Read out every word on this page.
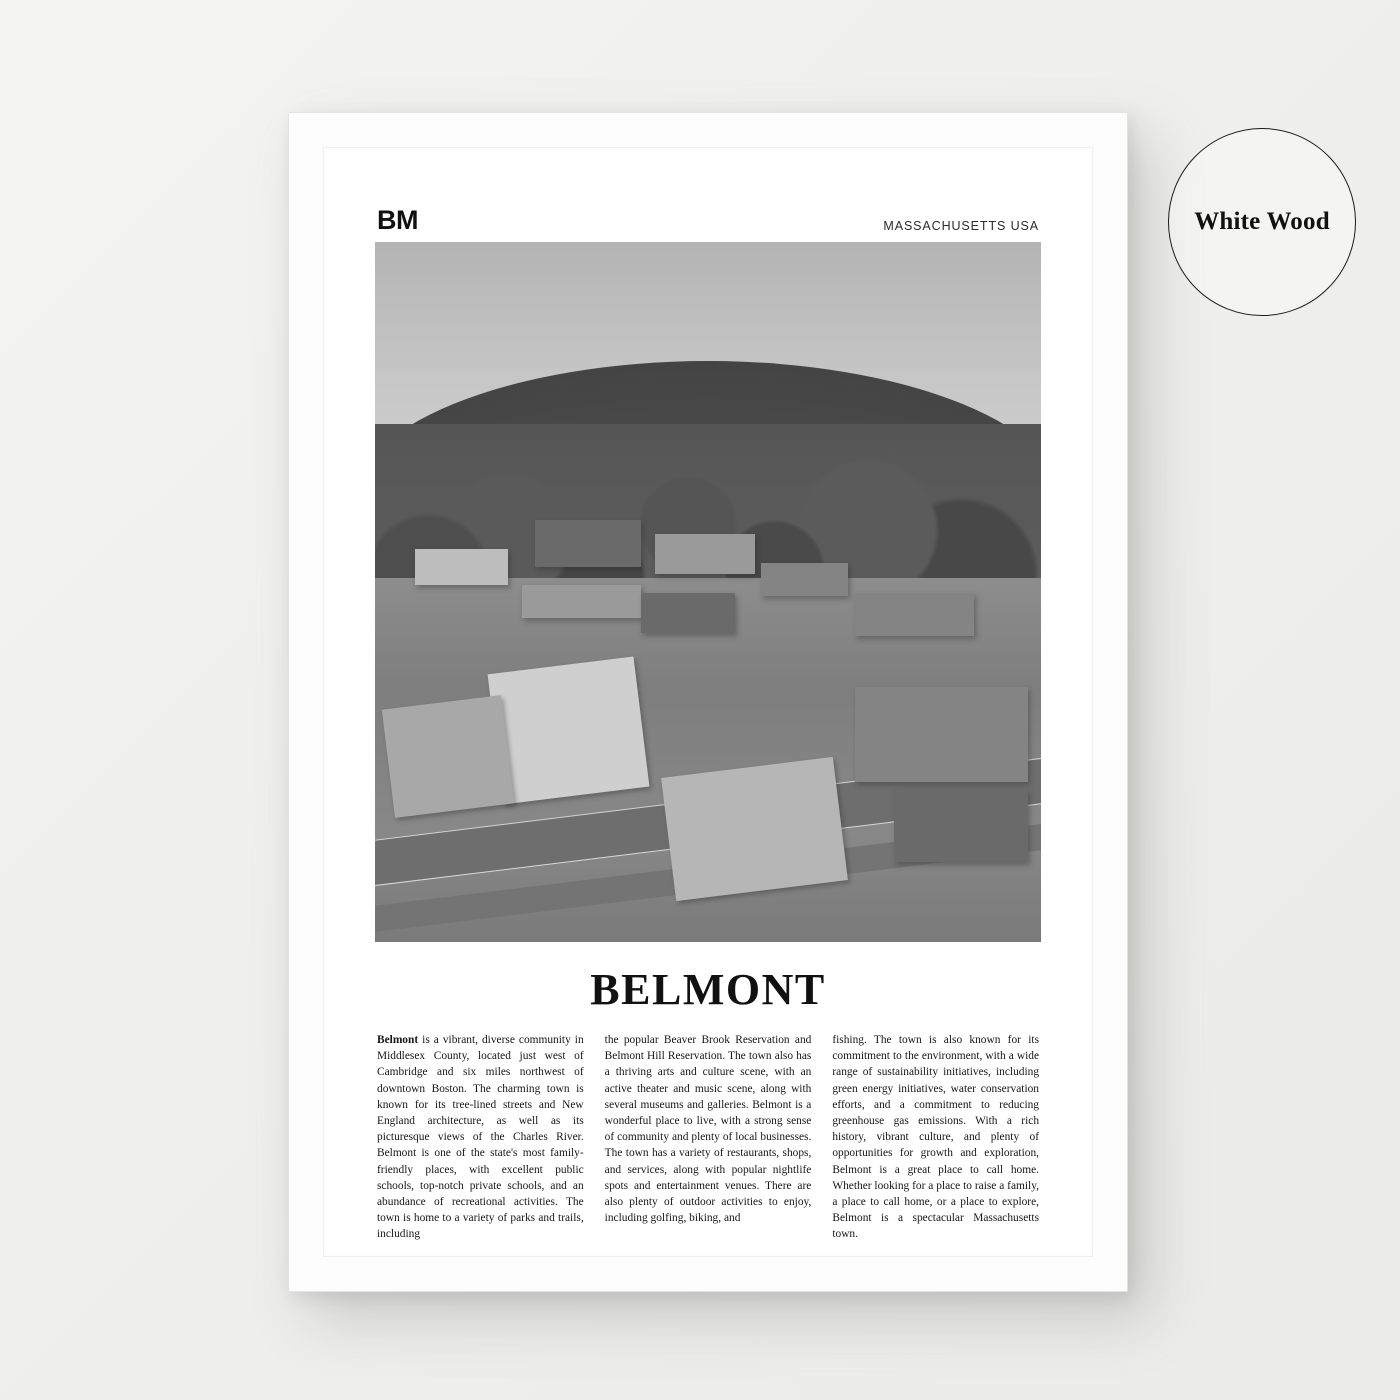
BM	MASSACHUSETTS USA
BELMONT
Belmont is a vibrant, diverse community in Middlesex County, located just west of Cambridge and six miles northwest of downtown Boston. The charming town is known for its tree-lined streets and New England architecture, as well as its picturesque views of the Charles River. Belmont is one of the state's most family-friendly places, with excellent public schools, top-notch private schools, and an abundance of recreational activities. The town is home to a variety of parks and trails, including
the popular Beaver Brook Reservation and Belmont Hill Reservation. The town also has a thriving arts and culture scene, with an active theater and music scene, along with several museums and galleries. Belmont is a wonderful place to live, with a strong sense of community and plenty of local businesses. The town has a variety of restaurants, shops, and services, along with popular nightlife spots and entertainment venues. There are also plenty of outdoor activities to enjoy, including golfing, biking, and
fishing. The town is also known for its commitment to the environment, with a wide range of sustainability initiatives, including green energy initiatives, water conservation efforts, and a commitment to reducing greenhouse gas emissions. With a rich history, vibrant culture, and plenty of opportunities for growth and exploration, Belmont is a great place to call home. Whether looking for a place to raise a family, a place to call home, or a place to explore, Belmont is a spectacular Massachusetts town.
White Wood
